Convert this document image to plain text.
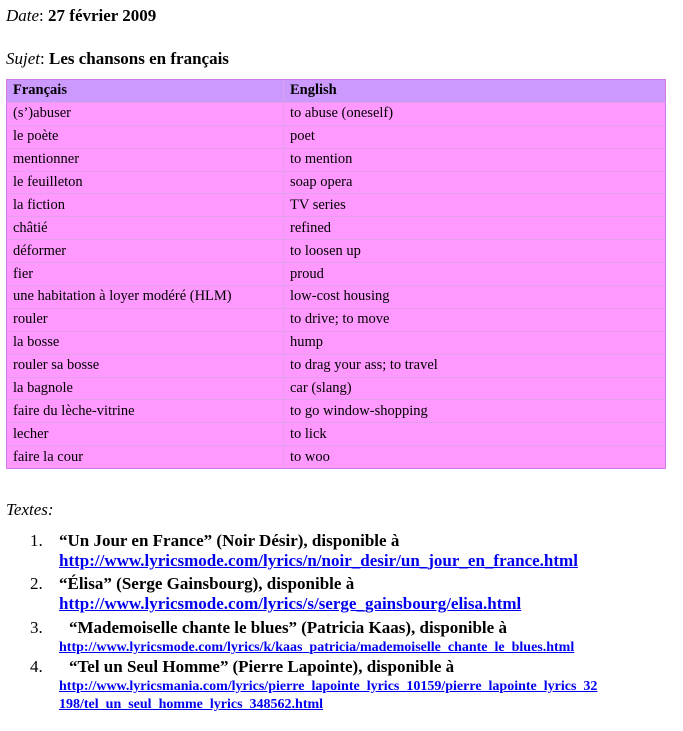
Date: 27 février 2009
Sujet: Les chansons en français
Français	English
(s’)abuser	to abuse (oneself)
le poète	poet
mentionner	to mention
le feuilleton	soap opera
la fiction	TV series
châtié	refined
déformer	to loosen up
fier	proud
une habitation à loyer modéré (HLM)	low-cost housing
rouler	to drive; to move
la bosse	hump
rouler sa bosse	to drag your ass; to travel
la bagnole	car (slang)
faire du lèche-vitrine	to go window-shopping
lecher	to lick
faire la cour	to woo
Textes:
1. “Un Jour en France” (Noir Désir), disponible à
http://www.lyricsmode.com/lyrics/n/noir_desir/un_jour_en_france.html
2. “Élisa” (Serge Gainsbourg), disponible à
http://www.lyricsmode.com/lyrics/s/serge_gainsbourg/elisa.html
3.	“Mademoiselle chante le blues” (Patricia Kaas), disponible à
http://www.lyricsmode.com/lyrics/k/kaas_patricia/mademoiselle_chante_le_blues.html
4.	“Tel un Seul Homme” (Pierre Lapointe), disponible à
http://www.lyricsmania.com/lyrics/pierre_lapointe_lyrics_10159/pierre_lapointe_lyrics_32
198/tel_un_seul_homme_lyrics_348562.html
